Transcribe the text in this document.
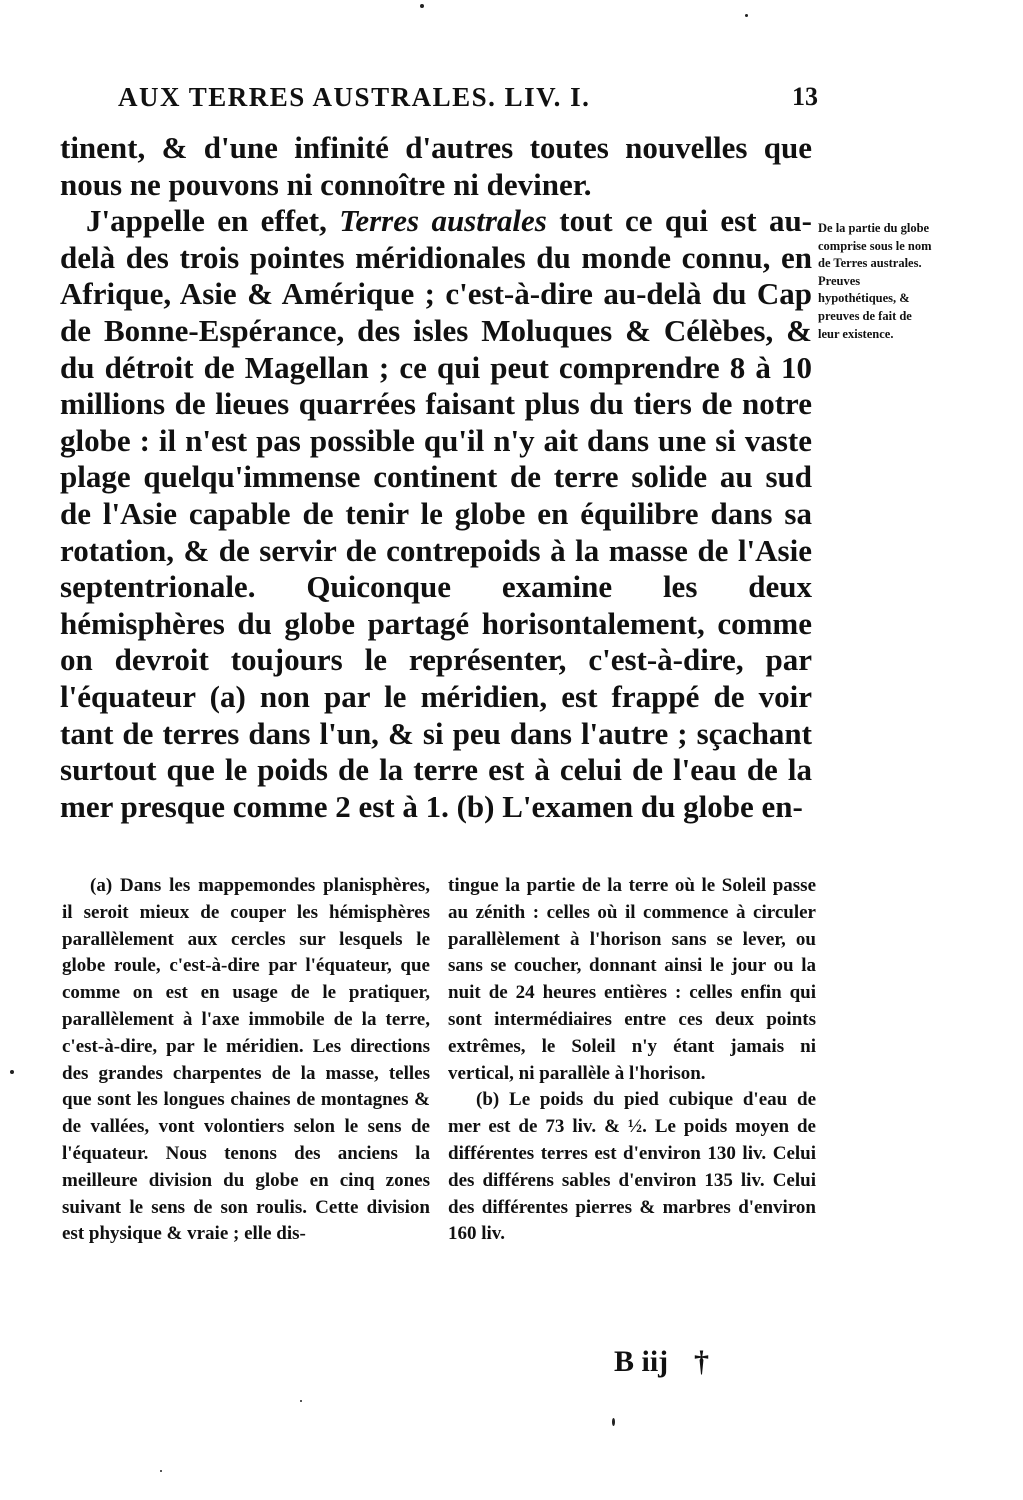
AUX TERRES AUSTRALES. LIV. I.	13

tinent, & d'une infinité d'autres toutes nouvelles que nous ne pouvons ni connoître ni deviner.

J'appelle en effet, Terres australes tout ce qui est au-delà des trois pointes méridionales du monde connu, en Afrique, Asie & Amérique ; c'est-à-dire au-delà du Cap de Bonne-Espérance, des isles Moluques & Célèbes, & du détroit de Magellan ; ce qui peut comprendre 8 à 10 millions de lieues quarrées faisant plus du tiers de notre globe : il n'est pas possible qu'il n'y ait dans une si vaste plage quelqu'immense continent de terre solide au sud de l'Asie capable de tenir le globe en équilibre dans sa rotation, & de servir de contrepoids à la masse de l'Asie septentrionale. Quiconque examine les deux hémisphères du globe partagé horisontalement, comme on devroit toujours le représenter, c'est-à-dire, par l'équateur (a) non par le méridien, est frappé de voir tant de terres dans l'un, & si peu dans l'autre ; sçachant surtout que le poids de la terre est à celui de l'eau de la mer presque comme 2 est à 1. (b) L'examen du globe en-

De la partie du globe comprise sous le nom de Terres australes. Preuves hypothétiques, & preuves de fait de leur existence.

(a) Dans les mappemondes planisphères, il seroit mieux de couper les hémisphères parallèlement aux cercles sur lesquels le globe roule, c'est-à-dire par l'équateur, que comme on est en usage de le pratiquer, parallèlement à l'axe immobile de la terre, c'est-à-dire, par le méridien. Les directions des grandes charpentes de la masse, telles que sont les longues chaines de montagnes & de vallées, vont volontiers selon le sens de l'équateur. Nous tenons des anciens la meilleure division du globe en cinq zones suivant le sens de son roulis. Cette division est physique & vraie ; elle dis-

tingue la partie de la terre où le Soleil passe au zénith : celles où il commence à circuler parallèlement à l'horison sans se lever, ou sans se coucher, donnant ainsi le jour ou la nuit de 24 heures entières : celles enfin qui sont intermédiaires entre ces deux points extrêmes, le Soleil n'y étant jamais ni vertical, ni parallèle à l'horison.

(b) Le poids du pied cubique d'eau de mer est de 73 liv. & ½. Le poids moyen de différentes terres est d'environ 130 liv. Celui des différens sables d'environ 135 liv. Celui des différentes pierres & marbres d'environ 160 liv.

B iij †
